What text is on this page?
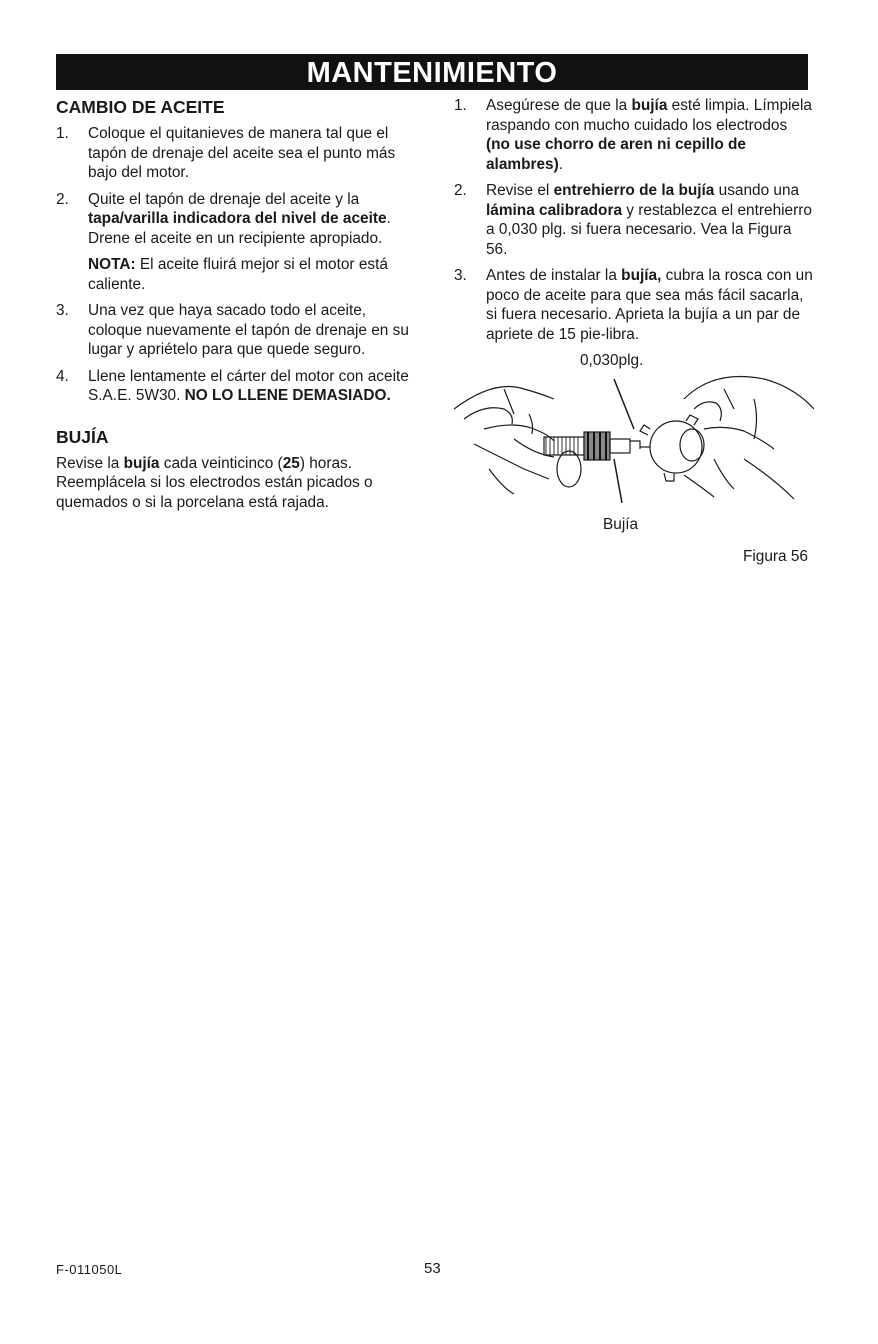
MANTENIMIENTO
CAMBIO DE ACEITE
1.	Coloque el quitanieves de manera tal que el tapón de drenaje del aceite sea el punto más bajo del motor.
2.	Quite el tapón de drenaje del aceite y la tapa/varilla indicadora del nivel de aceite. Drene el aceite en un recipiente apropiado.

NOTA: El aceite fluirá mejor si el motor está caliente.

3.	Una vez que haya sacado todo el aceite, coloque nuevamente el tapón de drenaje en su lugar y apriételo para que quede seguro.
4.	Llene lentamente el cárter del motor con aceite S.A.E. 5W30. NO LO LLENE DEMASIADO.
BUJÍA

Revise la bujía cada veinticinco (25) horas. Reemplácela si los electrodos están picados o quemados o si la porcelana está rajada.

1.	Asegúrese de que la bujía esté limpia. Límpiela raspando con mucho cuidado los electrodos (no use chorro de aren ni cepillo de alambres).
2.	Revise el entrehierro de la bujía usando una lámina calibradora y restablezca el entrehierro a 0,030 plg. si fuera necesario. Vea la Figura 56.
3.	Antes de instalar la bujía, cubra la rosca con un poco de aceite para que sea más fácil sacarla, si fuera necesario. Aprieta la bujía a un par de apriete de 15 pie-libra.
0,030plg.
Bujía
Figura 56
F-011050L	53
